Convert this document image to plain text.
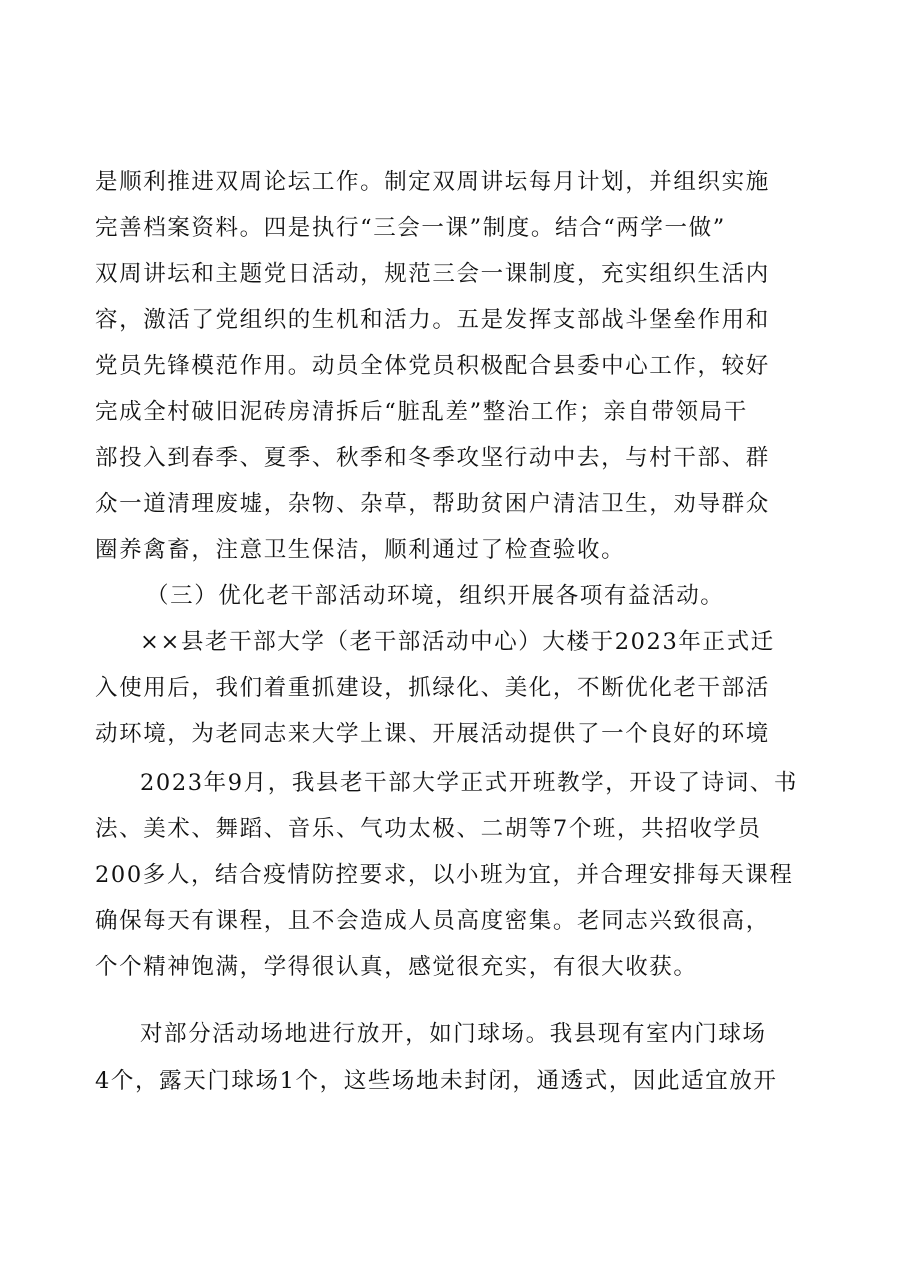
是顺利推进双周论坛工作。制定双周讲坛每月计划，并组织实施
完善档案资料。四是执行“三会一课”制度。结合“两学一做”
双周讲坛和主题党日活动，规范三会一课制度，充实组织生活内
容，激活了党组织的生机和活力。五是发挥支部战斗堡垒作用和
党员先锋模范作用。动员全体党员积极配合县委中心工作，较好
完成全村破旧泥砖房清拆后“脏乱差”整治工作；亲自带领局干
部投入到春季、夏季、秋季和冬季攻坚行动中去，与村干部、群
众一道清理废墟，杂物、杂草，帮助贫困户清洁卫生，劝导群众
圈养禽畜，注意卫生保洁，顺利通过了检查验收。
（三）优化老干部活动环境，组织开展各项有益活动。
××县老干部大学（老干部活动中心）大楼于2023年正式迁
入使用后，我们着重抓建设，抓绿化、美化，不断优化老干部活
动环境，为老同志来大学上课、开展活动提供了一个良好的环境
2023年9月，我县老干部大学正式开班教学，开设了诗词、书
法、美术、舞蹈、音乐、气功太极、二胡等7个班，共招收学员
200多人，结合疫情防控要求，以小班为宜，并合理安排每天课程
确保每天有课程，且不会造成人员高度密集。老同志兴致很高，
个个精神饱满，学得很认真，感觉很充实，有很大收获。
对部分活动场地进行放开，如门球场。我县现有室内门球场
4个，露天门球场1个，这些场地未封闭，通透式，因此适宜放开
